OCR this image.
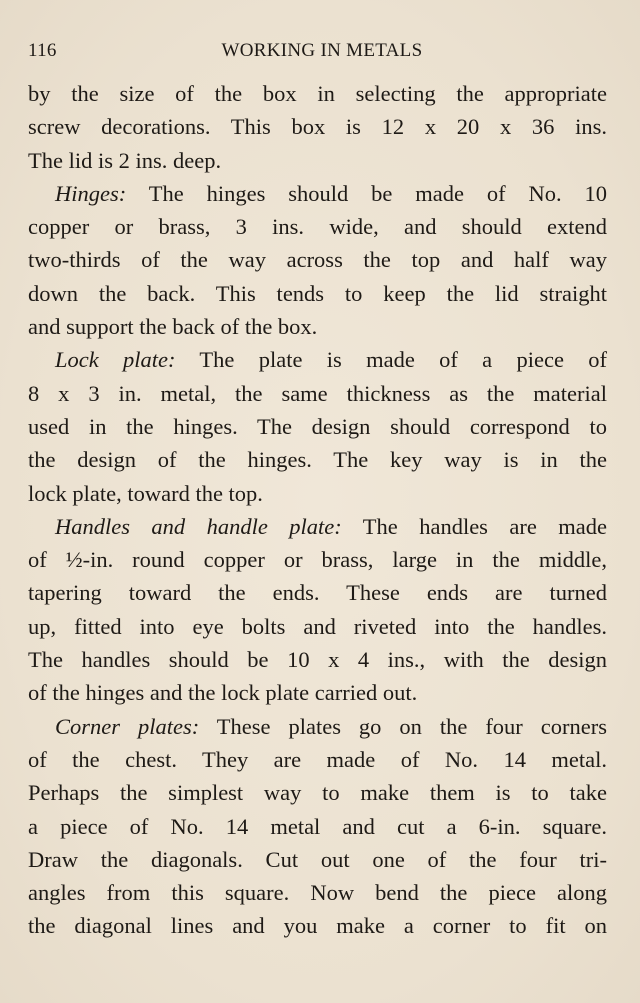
116	WORKING IN METALS
by the size of the box in selecting the appropriate
screw decorations. This box is 12 x 20 x 36 ins.
The lid is 2 ins. deep.
Hinges: The hinges should be made of No. 10
copper or brass, 3 ins. wide, and should extend
two-thirds of the way across the top and half way
down the back. This tends to keep the lid straight
and support the back of the box.
Lock plate: The plate is made of a piece of
8 x 3 in. metal, the same thickness as the material
used in the hinges. The design should correspond to
the design of the hinges. The key way is in the
lock plate, toward the top.
Handles and handle plate: The handles are made
of ½-in. round copper or brass, large in the middle,
tapering toward the ends. These ends are turned
up, fitted into eye bolts and riveted into the handles.
The handles should be 10 x 4 ins., with the design
of the hinges and the lock plate carried out.
Corner plates: These plates go on the four corners
of the chest. They are made of No. 14 metal.
Perhaps the simplest way to make them is to take
a piece of No. 14 metal and cut a 6-in. square.
Draw the diagonals. Cut out one of the four tri-
angles from this square. Now bend the piece along
the diagonal lines and you make a corner to fit on
